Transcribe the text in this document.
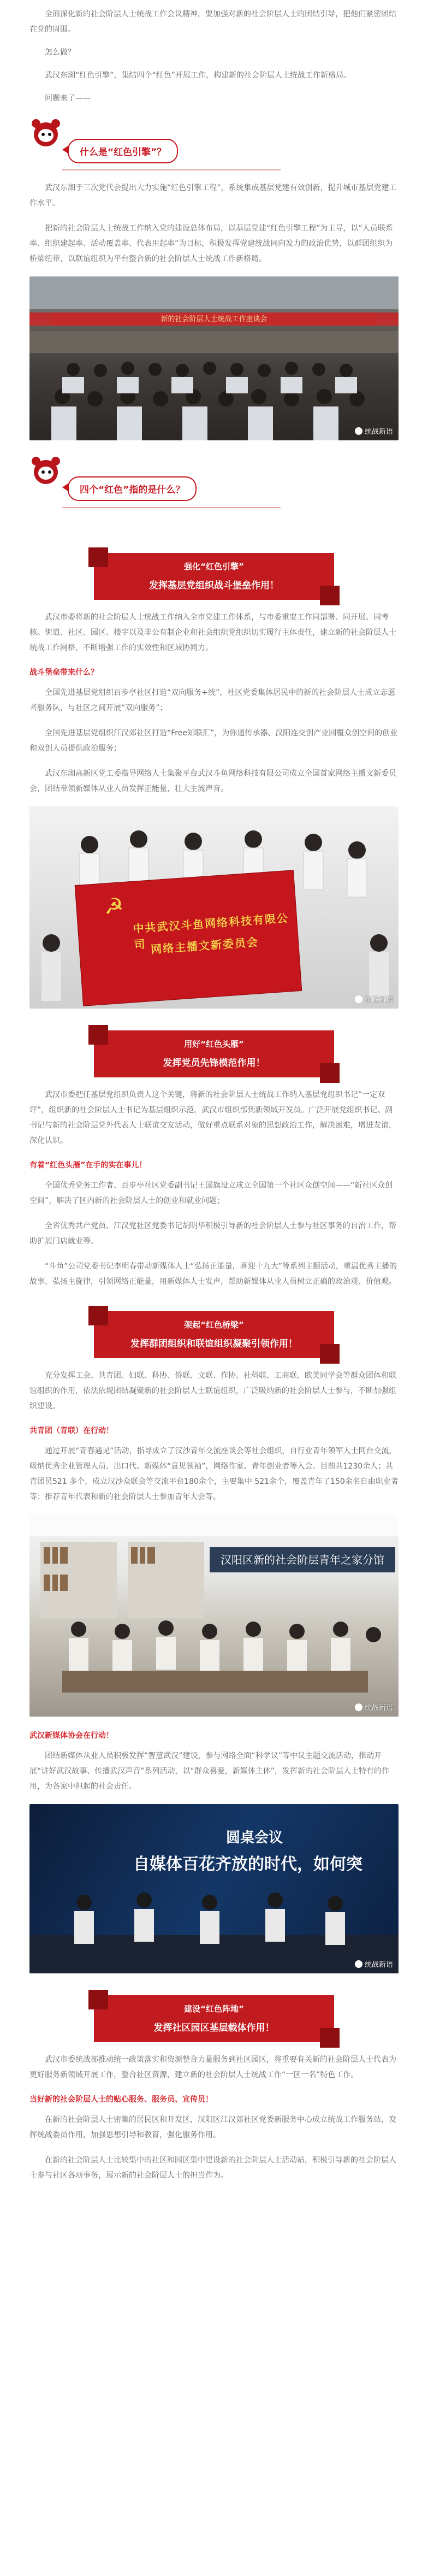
全面深化新的社会阶层人士统战工作会议精神，要加强对新的社会阶层人士的团结引导，把他们紧密团结在党的周围。

怎么做？

武汉东湖“红色引擎”，集结四个“红色”开展工作，构建新的社会阶层人士统战工作新格局。

问题来了——

什么是“红色引擎”？

武汉东湖于三次党代会提出大力实施“红色引擎工程”，系统集成基层党建有效创新，提升城市基层党建工作水平。

把新的社会阶层人士统战工作纳入党的建设总体布局，以基层党建“红色引擎工程”为主导，以“人员联系率、组织建起率、活动覆盖率、代表用起率”为目标，积极发挥党建统战同向发力的政治优势，以群团组织为桥梁纽带，以联谊组织为平台整合新的社会阶层人士统战工作新格局。

新的社会阶层人士统战工作座谈会
统战新语
四个“红色”指的是什么？
强化“红色引擎”
发挥基层党组织战斗堡垒作用！

武汉市委将新的社会阶层人士统战工作纳入全市党建工作体系，与市委重要工作同部署、同开展、同考核。街道、社区、园区、楼宇以及非公有制企业和社会组织党组织切实履行主体责任，建立新的社会阶层人士统战工作网格，不断增强工作的实效性和区域协同力。

战斗堡垒带来什么？

全国先进基层党组织百步亭社区打造“双向服务+统”，社区党委集体居民中的新的社会阶层人士成立志愿者服务队，与社区之间开展“双向服务”；

全国先进基层党组织江汉郊社区打造“Free知联汇”，为你通传承器、汉阳连交创产业园覆众创空间的创业和双创人员提供政治服务；

武汉东湖高新区党工委指导网络人士集聚平台武汉斗鱼网络科技有限公司成立全国首家网络主播文新委员会，团结带领新媒体从业人员发挥正能量，壮大主流声音。

☭
中共武汉斗鱼网络科技有限公司 网络主播文新委员会
统战新语
用好“红色头雁”
发挥党员先锋模范作用！

武汉市委把任基层党组织负责人这个关键，将新的社会阶层人士统战工作纳入基层党组织书记“一定双评”，组织新的社会阶层人士书记为基层组织示范，武汉市组织部到新领域开发员。广泛开展党组织书记、副书记与新的社会阶层党外代表人士联谊交友活动，做好重点联系对象的思想政治工作，解决困难，增进友谊，深化认识。

有着“红色头雁”在手的实在事儿！

全国优秀党务工作者、百步亭社区党委副书记王国旗设立成立全国第一个社区众创空间——“新社区众创空间”，解决了区内新的社会阶层人士的创业和就业问题；

全省优秀共产党员、江汉党社区党委书记胡明华积极引导新的社会阶层人士参与社区事务的自治工作，帮助扩展门店就业等。

“斗鱼”公司党委书记李明春带动新媒体人士“弘扬正能量，喜迎十九大”等系列主题活动，重温优秀主播的故事，弘扬主旋律，引领网络正能量，用新媒体人士发声，帮助新媒体从业人员树立正确的政治观、价值观。

架起“红色桥梁”
发挥群团组织和联谊组织凝聚引领作用！

充分发挥工会、共青团、妇联、科协、侨联、文联、作协、社科联、工商联、欧美同学会等群众团体和联谊组织的作用，依法依规团结凝聚新的社会阶层人士联谊组织，广泛吸纳新的社会阶层人士参与，不断加强组织建设。

共青团（青联）在行动！

通过开展“青春遇见”活动，指导成立了汉沙青年交流座谈会等社会组织，自行业青年领军人士同台交流，吸纳优秀企业管理人员、出口代、新媒体“意见领袖”，网络作家、青年创业者等入会。目前共1230余人；共青团员521 多个，成立汉沙众联会等交流平台180余个，主要集中 521余个，覆盖青年了150余名自由职业者等；推荐青年代表和新的社会阶层人士参加青年大会等。

汉阳区新的社会阶层青年之家分馆
统战新语
武汉新媒体协会在行动！

团结新媒体从业人员积极发挥“智慧武汉”建设，参与网络全面“科学议”等中议主题交流活动，推动开展“讲好武汉故事、传播武汉声音”系列活动，以“群众喜爱，新媒体主体”，发挥新的社会阶层人士特有的作用，为各家中担起的社会责任。

圆桌会议
自媒体百花齐放的时代，如何突
统战新语
建设“红色阵地”
发挥社区园区基层载体作用！

武汉市委统战部推动统一政策落实和资源整合力量服务到社区园区，将重要有关新的社会阶层人士代表为更好服务新领域开展工作，整合社区资源，建立新的社会阶层人士统战工作“一区一名”特色工作。

当好新的社会阶层人士的贴心服务、服务员、宣传员！

在新的社会阶层人士密集的居民区和开发区，汉阳区江汉郊社区党委新服务中心成立统战工作服务站，发挥统战委员作用，加强思想引导和教育，强化服务作用。

在新的社会阶层人士比较集中的社区和园区集中建设新的社会阶层人士活动站，积极引导新的社会阶层人士参与社区各项事务，展示新的社会阶层人士的担当作为。
